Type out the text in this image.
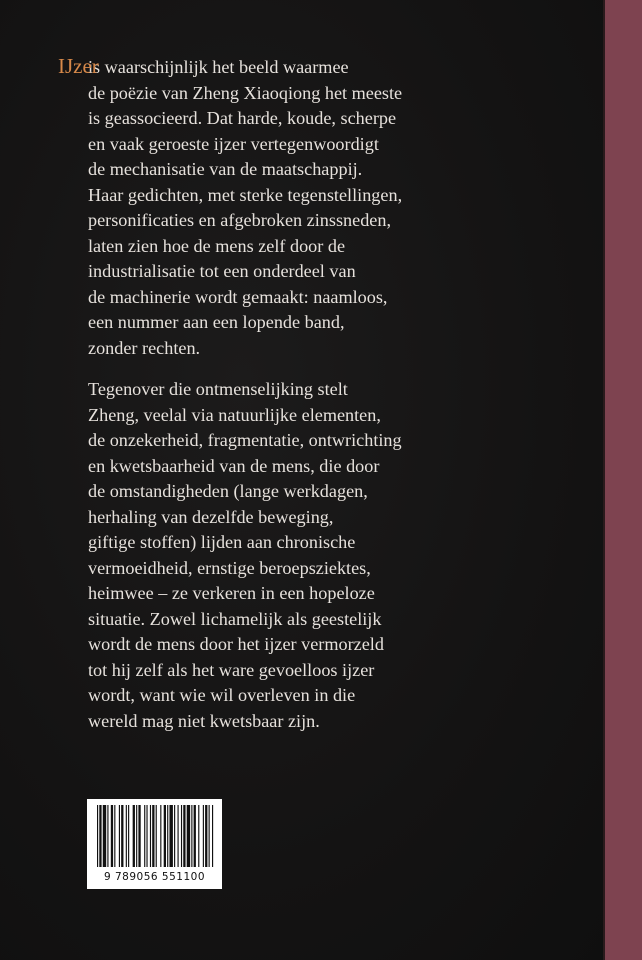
IJzer
is waarschijnlijk het beeld waarmee
de poëzie van Zheng Xiaoqiong het meeste
is geassocieerd. Dat harde, koude, scherpe
en vaak geroeste ijzer vertegenwoordigt
de mechanisatie van de maatschappij.
Haar gedichten, met sterke tegenstellingen,
personificaties en afgebroken zinssneden,
laten zien hoe de mens zelf door de
industrialisatie tot een onderdeel van
de machinerie wordt gemaakt: naamloos,
een nummer aan een lopende band,
zonder rechten.
Tegenover die ontmenselijking stelt
Zheng, veelal via natuurlijke elementen,
de onzekerheid, fragmentatie, ontwrichting
en kwetsbaarheid van de mens, die door
de omstandigheden (lange werkdagen,
herhaling van dezelfde beweging,
giftige stoffen) lijden aan chronische
vermoeidheid, ernstige beroepsziektes,
heimwee – ze verkeren in een hopeloze
situatie. Zowel lichamelijk als geestelijk
wordt de mens door het ijzer vermorzeld
tot hij zelf als het ware gevoelloos ijzer
wordt, want wie wil overleven in die
wereld mag niet kwetsbaar zijn.
9 789056 551100
